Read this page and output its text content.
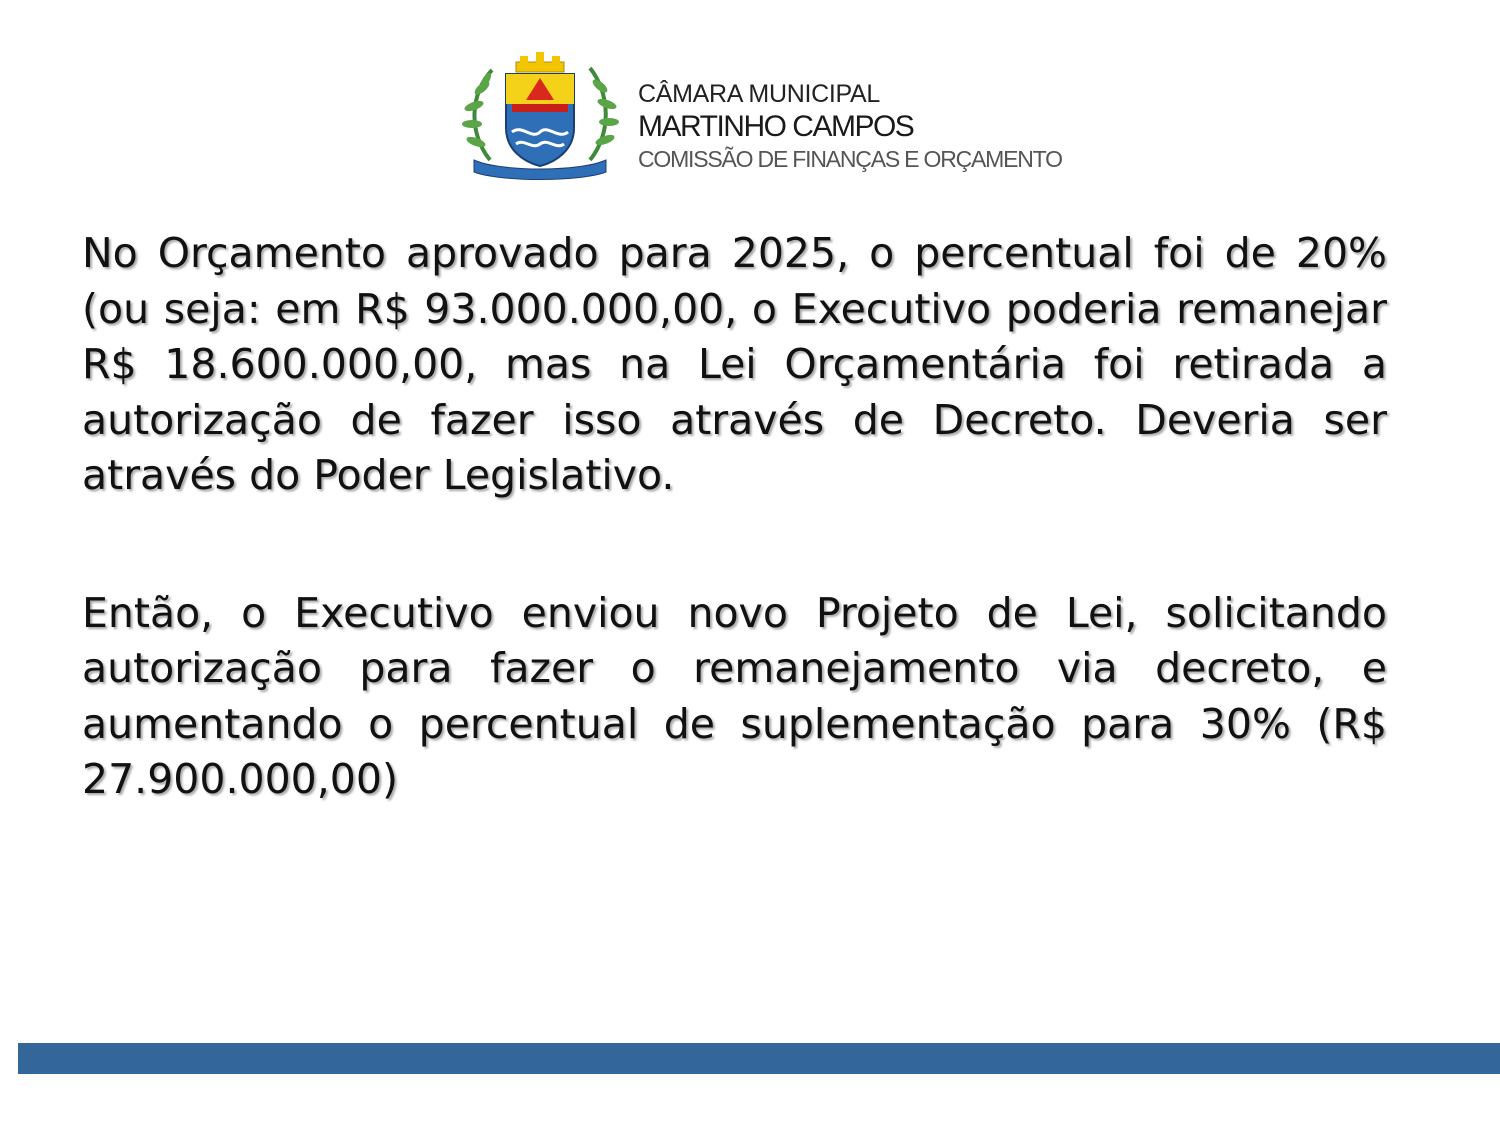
CÂMARA MUNICIPAL
MARTINHO CAMPOS
COMISSÃO DE FINANÇAS E ORÇAMENTO

No Orçamento aprovado para 2025, o percentual foi de 20% (ou seja: em R$ 93.000.000,00, o Executivo poderia remanejar R$ 18.600.000,00, mas na Lei Orçamentária foi retirada a autorização de fazer isso através de Decreto. Deveria ser através do Poder Legislativo.

Então, o Executivo enviou novo Projeto de Lei, solicitando autorização para fazer o remanejamento via decreto, e aumentando o percentual de suplementação para 30% (R$ 27.900.000,00)
